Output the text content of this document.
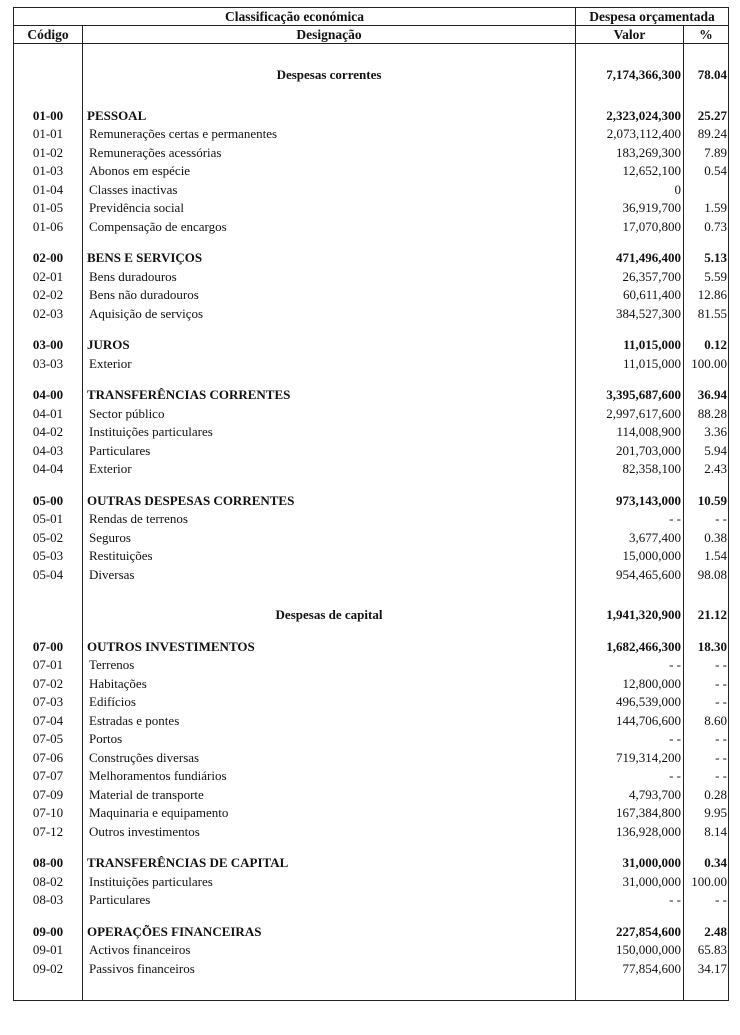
Classificação económica		Despesa orçamentada	
Código	Designação	Valor	%

	Despesas correntes	7,174,366,300	78.04

01-00	PESSOAL	2,323,024,300	25.27
01-01	Remunerações certas e permanentes	2,073,112,400	89.24
01-02	Remunerações acessórias	183,269,300	7.89
01-03	Abonos em espécie	12,652,100	0.54
01-04	Classes inactivas	0	
01-05	Previdência social	36,919,700	1.59
01-06	Compensação de encargos	17,070,800	0.73

02-00	BENS E SERVIÇOS	471,496,400	5.13
02-01	Bens duradouros	26,357,700	5.59
02-02	Bens não duradouros	60,611,400	12.86
02-03	Aquisição de serviços	384,527,300	81.55

03-00	JUROS	11,015,000	0.12
03-03	Exterior	11,015,000	100.00

04-00	TRANSFERÊNCIAS CORRENTES	3,395,687,600	36.94
04-01	Sector público	2,997,617,600	88.28
04-02	Instituições particulares	114,008,900	3.36
04-03	Particulares	201,703,000	5.94
04-04	Exterior	82,358,100	2.43

05-00	OUTRAS DESPESAS CORRENTES	973,143,000	10.59
05-01	Rendas de terrenos	- -	- -
05-02	Seguros	3,677,400	0.38
05-03	Restituições	15,000,000	1.54
05-04	Diversas	954,465,600	98.08

	Despesas de capital	1,941,320,900	21.12

07-00	OUTROS INVESTIMENTOS	1,682,466,300	18.30
07-01	Terrenos	- -	- -
07-02	Habitações	12,800,000	- -
07-03	Edifícios	496,539,000	- -
07-04	Estradas e pontes	144,706,600	8.60
07-05	Portos	- -	- -
07-06	Construções diversas	719,314,200	- -
07-07	Melhoramentos fundiários	- -	- -
07-09	Material de transporte	4,793,700	0.28
07-10	Maquinaria e equipamento	167,384,800	9.95
07-12	Outros investimentos	136,928,000	8.14

08-00	TRANSFERÊNCIAS DE CAPITAL	31,000,000	0.34
08-02	Instituições particulares	31,000,000	100.00
08-03	Particulares	- -	- -

09-00	OPERAÇÕES FINANCEIRAS	227,854,600	2.48
09-01	Activos financeiros	150,000,000	65.83
09-02	Passivos financeiros	77,854,600	34.17
